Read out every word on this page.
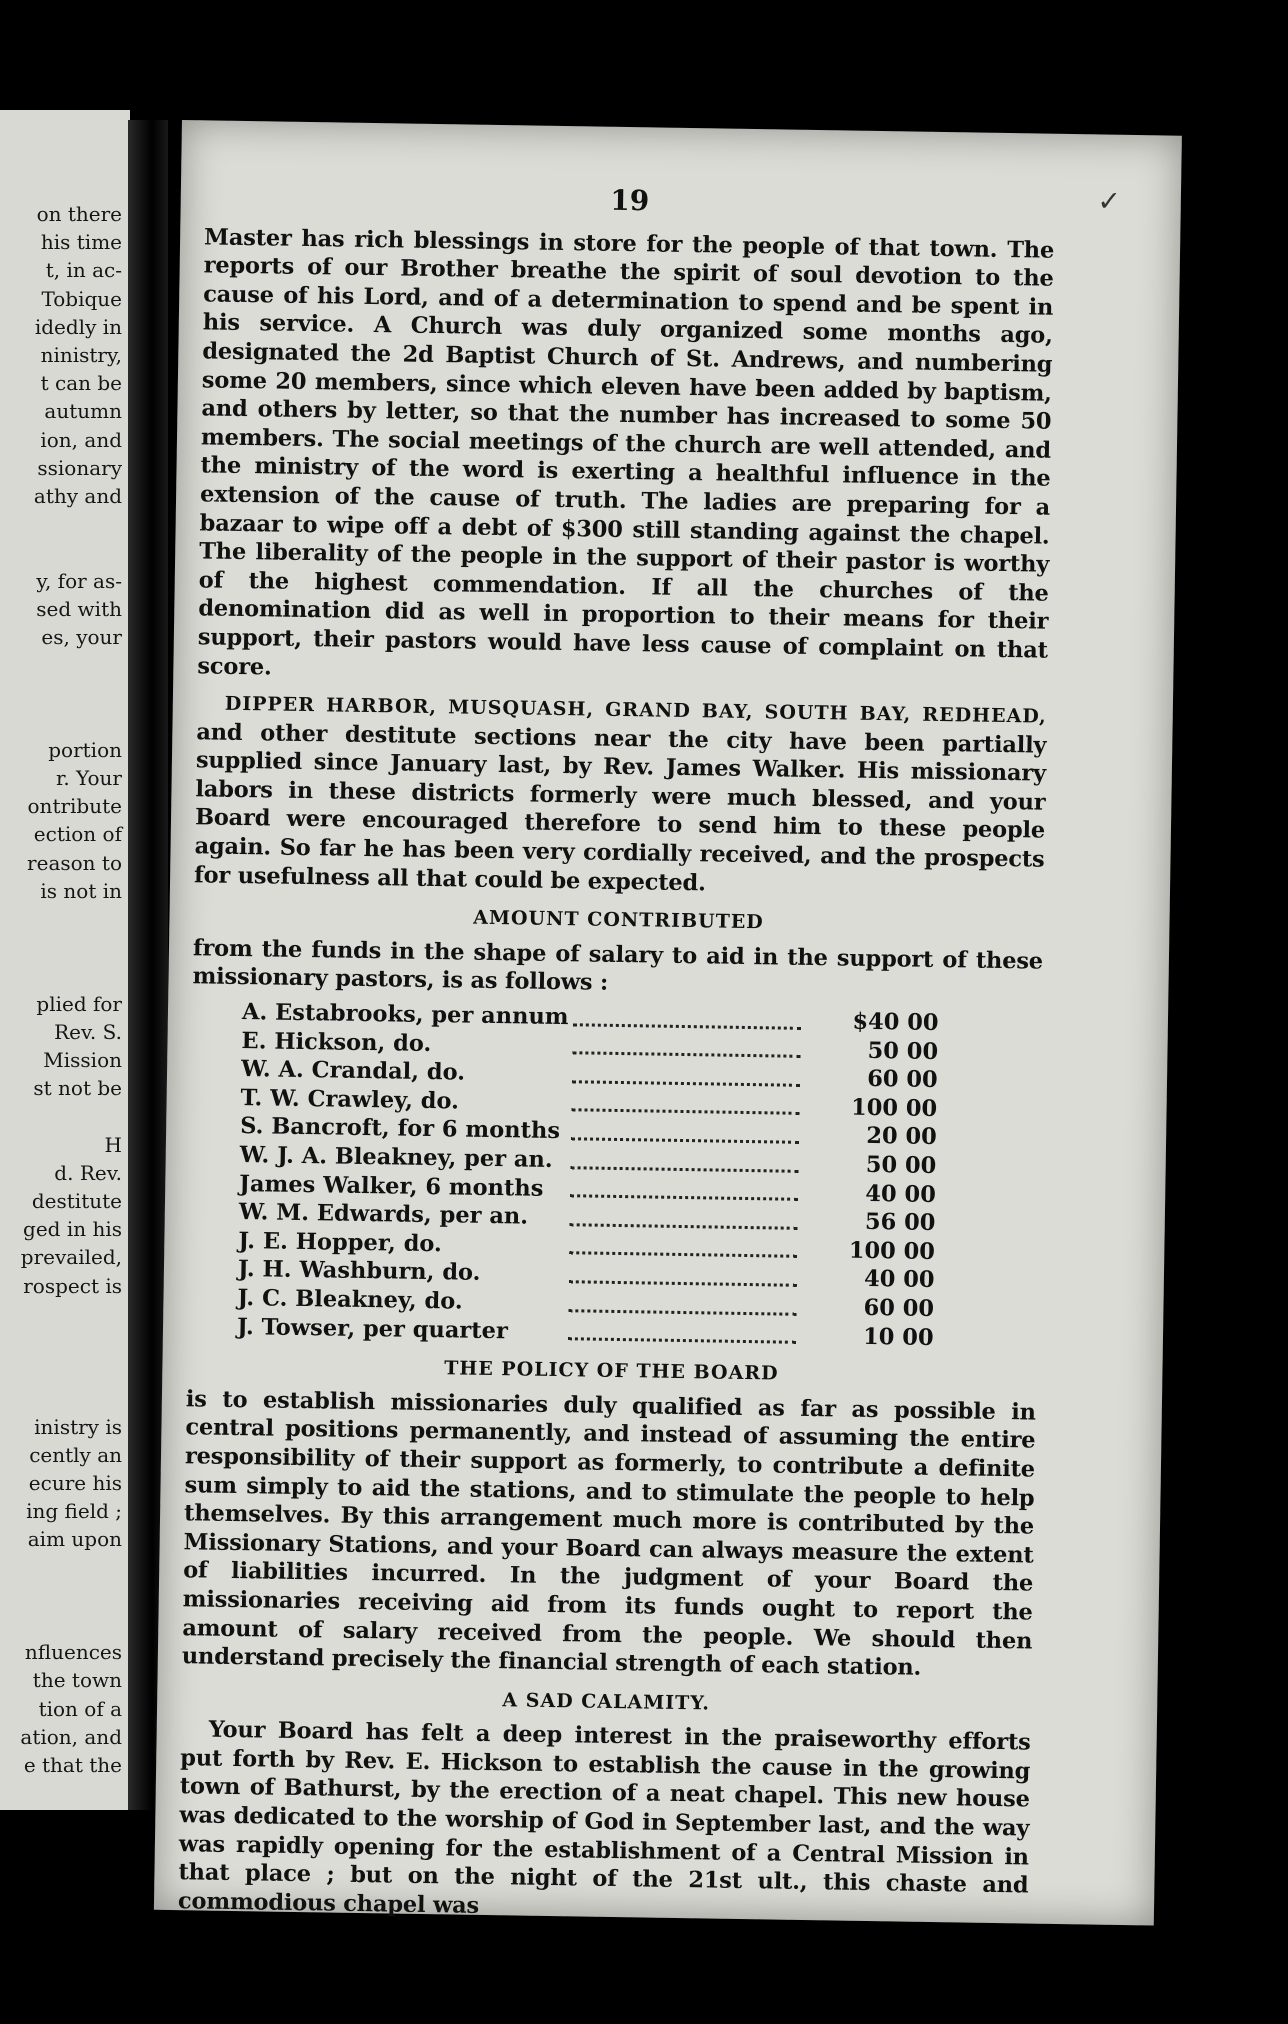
on there
his time
t, in ac-
Tobique
idedly in
ninistry,
t can be
autumn
ion, and
ssionary
athy and
y, for as-
sed with
es, your
portion
r. Your
ontribute
ection of
reason to
is not in
plied for
Rev. S.
Mission
st not be
H
d. Rev.
destitute
ged in his
prevailed,
rospect is
inistry is
cently an
ecure his
ing field ;
aim upon
nfluences
the town
tion of a
ation, and
e that the
✓
19

Master has rich blessings in store for the people of that town. The reports of our Brother breathe the spirit of soul devotion to the cause of his Lord, and of a determination to spend and be spent in his service. A Church was duly organized some months ago, designated the 2d Baptist Church of St. Andrews, and numbering some 20 members, since which eleven have been added by baptism, and others by letter, so that the number has increased to some 50 members. The social meetings of the church are well attended, and the ministry of the word is exerting a healthful influence in the extension of the cause of truth. The ladies are preparing for a bazaar to wipe off a debt of $300 still standing against the chapel. The liberality of the people in the support of their pastor is worthy of the highest commendation. If all the churches of the denomination did as well in proportion to their means for their support, their pastors would have less cause of complaint on that score.

DIPPER HARBOR, MUSQUASH, GRAND BAY, SOUTH BAY, REDHEAD, and other destitute sections near the city have been partially supplied since January last, by Rev. James Walker. His missionary labors in these districts formerly were much blessed, and your Board were encouraged therefore to send him to these people again. So far he has been very cordially received, and the prospects for usefulness all that could be expected.

AMOUNT CONTRIBUTED

from the funds in the shape of salary to aid in the support of these missionary pastors, is as follows :

A. Estabrooks, per annum		$40 00
E. Hickson, do.		50 00
W. A. Crandal, do.		60 00
T. W. Crawley, do.		100 00
S. Bancroft, for 6 months		20 00
W. J. A. Bleakney, per an.		50 00
James Walker, 6 months		40 00
W. M. Edwards, per an.		56 00
J. E. Hopper, do.		100 00
J. H. Washburn, do.		40 00
J. C. Bleakney, do.		60 00
J. Towser, per quarter		10 00
THE POLICY OF THE BOARD

is to establish missionaries duly qualified as far as possible in central positions permanently, and instead of assuming the entire responsibility of their support as formerly, to contribute a definite sum simply to aid the stations, and to stimulate the people to help themselves. By this arrangement much more is contributed by the Missionary Stations, and your Board can always measure the extent of liabilities incurred. In the judgment of your Board the missionaries receiving aid from its funds ought to report the amount of salary received from the people. We should then understand precisely the financial strength of each station.

A SAD CALAMITY.

Your Board has felt a deep interest in the praiseworthy efforts put forth by Rev. E. Hickson to establish the cause in the growing town of Bathurst, by the erection of a neat chapel. This new house was dedicated to the worship of God in September last, and the way was rapidly opening for the establishment of a Central Mission in that place ; but on the night of the 21st ult., this chaste and commodious chapel was
